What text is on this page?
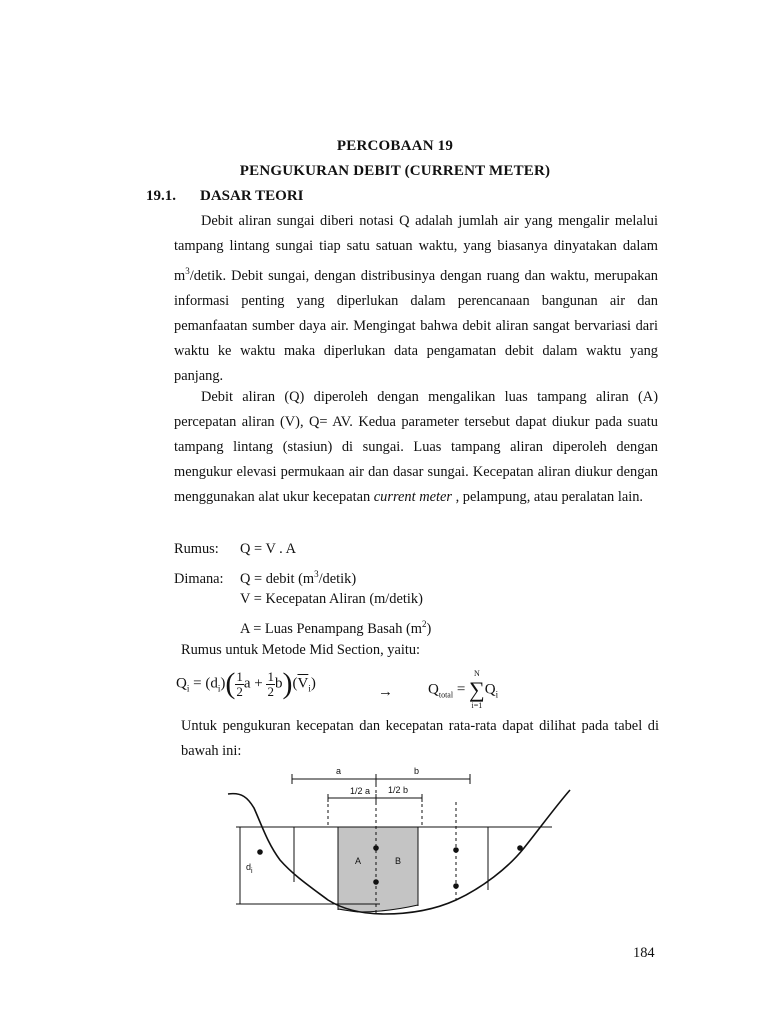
PERCOBAAN 19
PENGUKURAN DEBIT (CURRENT METER)
19.1. DASAR TEORI

Debit aliran sungai diberi notasi Q adalah jumlah air yang mengalir melalui tampang lintang sungai tiap satu satuan waktu, yang biasanya dinyatakan dalam $m^3$/detik. Debit sungai, dengan distribusinya dengan ruang dan waktu, merupakan informasi penting yang diperlukan dalam perencanaan bangunan air dan pemanfaatan sumber daya air. Mengingat bahwa debit aliran sangat bervariasi dari waktu ke waktu maka diperlukan data pengamatan debit dalam waktu yang panjang.

Debit aliran (Q) diperoleh dengan mengalikan luas tampang aliran (A) percepatan aliran (V), Q= AV. Kedua parameter tersebut dapat diukur pada suatu tampang lintang (stasiun) di sungai. Luas tampang aliran diperoleh dengan mengukur elevasi permukaan air dan dasar sungai. Kecepatan aliran diukur dengan menggunakan alat ukur kecepatan current meter , pelampung, atau peralatan lain.

Rumus: Q = V . A
Dimana: Q = debit $(m^3/detik)$
V = Kecepatan Aliran (m/detik)
A = Luas Penampang Basah $(m^2)$
Rumus untuk Metode Mid Section, yaitu:
$Q_i = (d_i)( \frac{1}{2}$ $a + \frac{1}{2} b)(\overline{V}_i)$
→ $Q_{total}$ =
N
∑
i=1
$Q_i$

Untuk pengukuran kecepatan dan kecepatan rata-rata dapat dilihat pada tabel di bawah ini:

a	b
1/2 a 1/2 b
$d_i$
A	B
184
